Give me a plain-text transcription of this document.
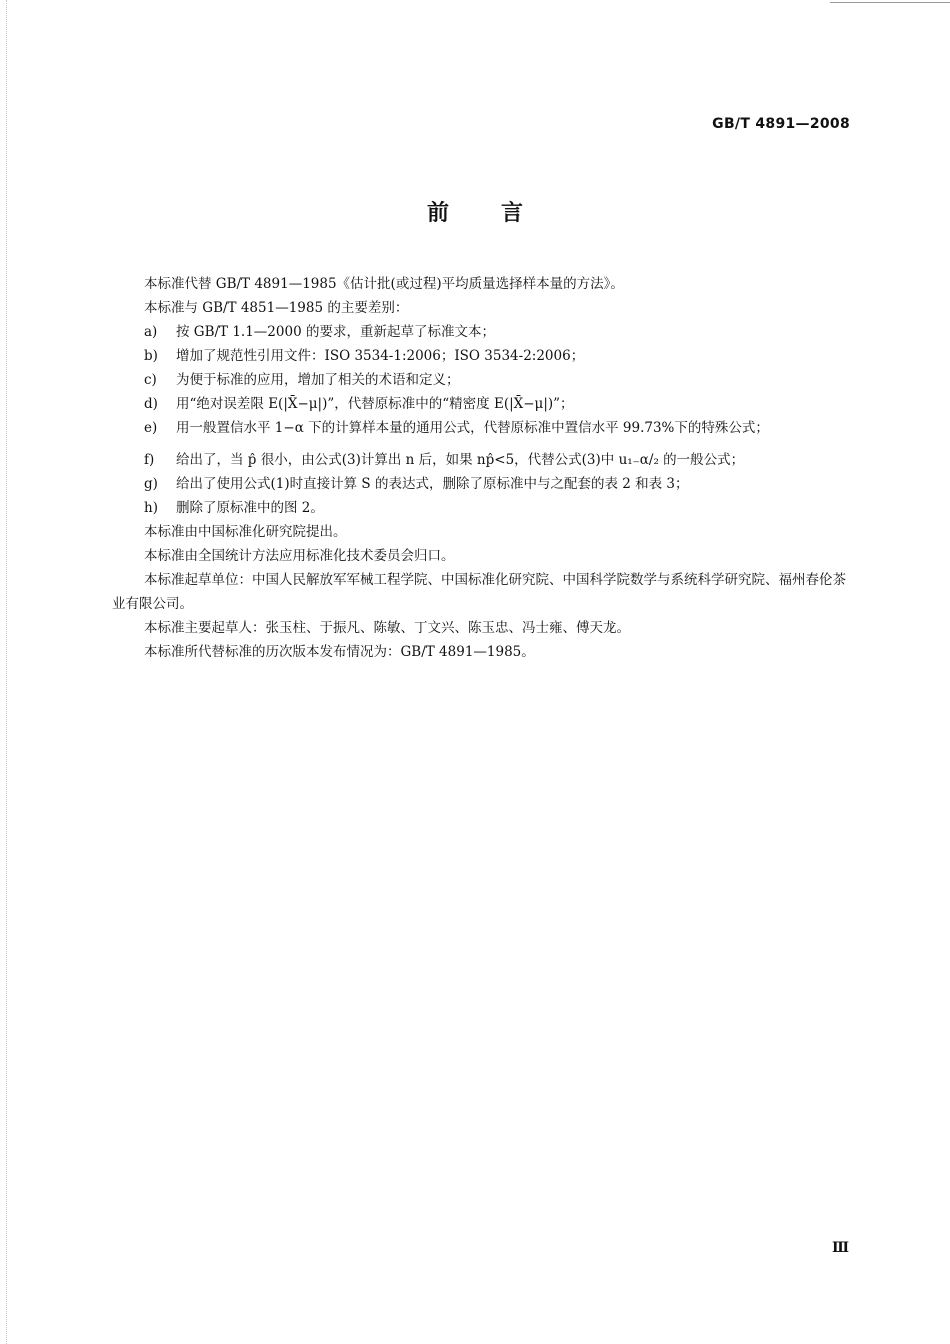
GB/T 4891—2008
前言

本标准代替 GB/T 4891—1985《估计批(或过程)平均质量选择样本量的方法》。

本标准与 GB/T 4851—1985 的主要差别：

a) 按 GB/T 1.1—2000 的要求，重新起草了标准文本；
b) 增加了规范性引用文件：ISO 3534-1:2006；ISO 3534-2:2006；
c) 为便于标准的应用，增加了相关的术语和定义；
d) 用“绝对误差限 E(|X̄−μ|)”，代替原标准中的“精密度 E(|X̄−μ|)”；
e) 用一般置信水平 1−α 下的计算样本量的通用公式，代替原标准中置信水平 99.73%下的特殊公式；
f) 给出了，当 p̂ 很小，由公式(3)计算出 n 后，如果 np̂<5，代替公式(3)中 u₁₋α/₂ 的一般公式；
g) 给出了使用公式(1)时直接计算 S 的表达式，删除了原标准中与之配套的表 2 和表 3；
h) 删除了原标准中的图 2。

本标准由中国标准化研究院提出。

本标准由全国统计方法应用标准化技术委员会归口。

本标准起草单位：中国人民解放军军械工程学院、中国标准化研究院、中国科学院数学与系统科学研究院、福州春伦茶业有限公司。

本标准主要起草人：张玉柱、于振凡、陈敏、丁文兴、陈玉忠、冯士雍、傅天龙。

本标准所代替标准的历次版本发布情况为：GB/T 4891—1985。

Ⅲ
